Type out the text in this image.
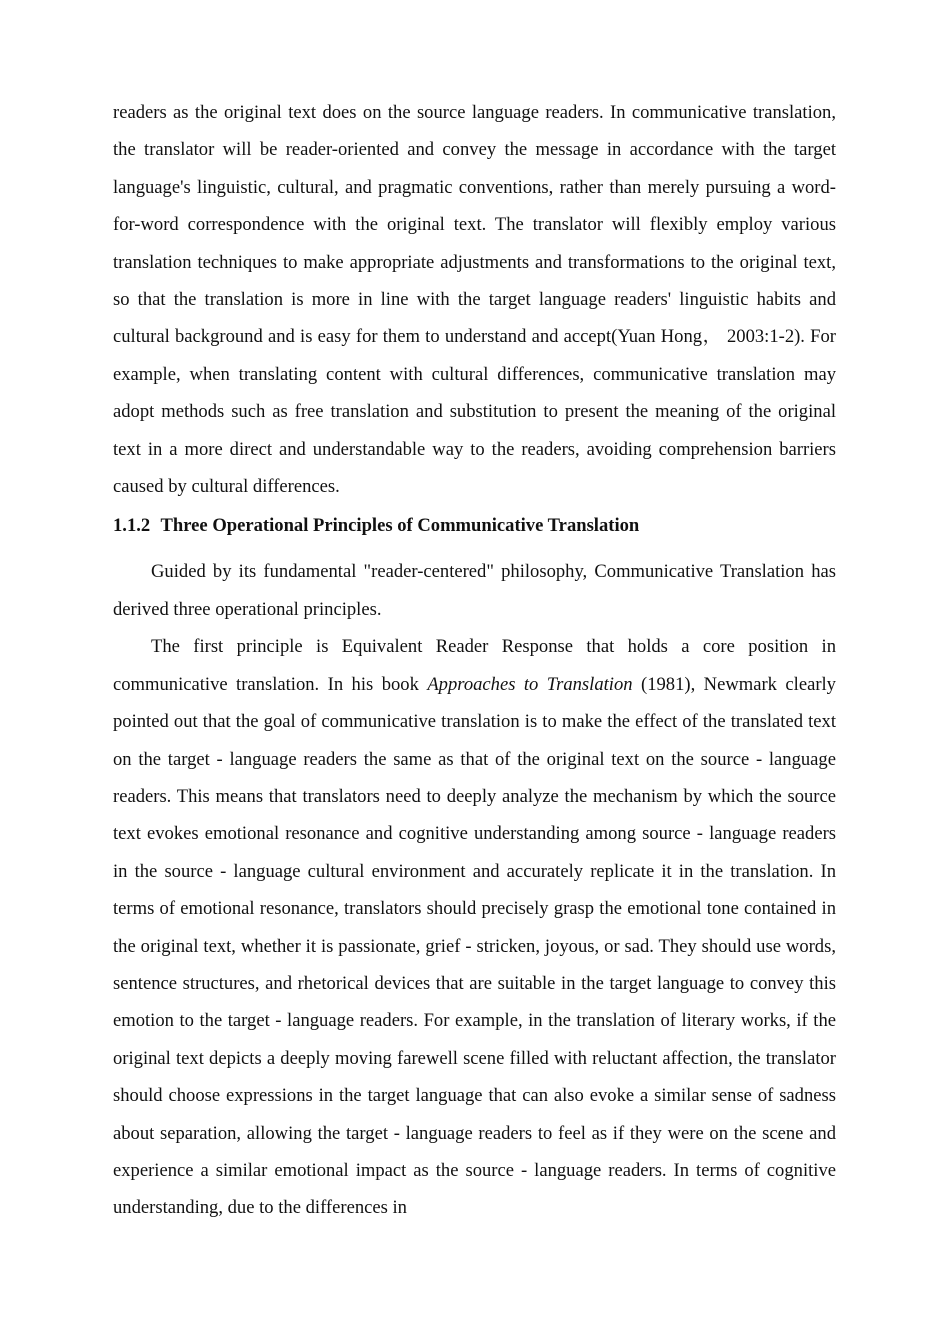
readers as the original text does on the source language readers. In communicative translation, the translator will be reader-oriented and convey the message in accordance with the target language's linguistic, cultural, and pragmatic conventions, rather than merely pursuing a word-for-word correspondence with the original text. The translator will flexibly employ various translation techniques to make appropriate adjustments and transformations to the original text, so that the translation is more in line with the target language readers' linguistic habits and cultural background and is easy for them to understand and accept(Yuan Hong， 2003:1-2). For example, when translating content with cultural differences, communicative translation may adopt methods such as free translation and substitution to present the meaning of the original text in a more direct and understandable way to the readers, avoiding comprehension barriers caused by cultural differences.

1.1.2 Three Operational Principles of Communicative Translation

Guided by its fundamental "reader-centered" philosophy, Communicative Translation has derived three operational principles.

The first principle is Equivalent Reader Response that holds a core position in communicative translation. In his book Approaches to Translation (1981), Newmark clearly pointed out that the goal of communicative translation is to make the effect of the translated text on the target - language readers the same as that of the original text on the source - language readers. This means that translators need to deeply analyze the mechanism by which the source text evokes emotional resonance and cognitive understanding among source - language readers in the source - language cultural environment and accurately replicate it in the translation. In terms of emotional resonance, translators should precisely grasp the emotional tone contained in the original text, whether it is passionate, grief - stricken, joyous, or sad. They should use words, sentence structures, and rhetorical devices that are suitable in the target language to convey this emotion to the target - language readers. For example, in the translation of literary works, if the original text depicts a deeply moving farewell scene filled with reluctant affection, the translator should choose expressions in the target language that can also evoke a similar sense of sadness about separation, allowing the target - language readers to feel as if they were on the scene and experience a similar emotional impact as the source - language readers. In terms of cognitive understanding, due to the differences in
